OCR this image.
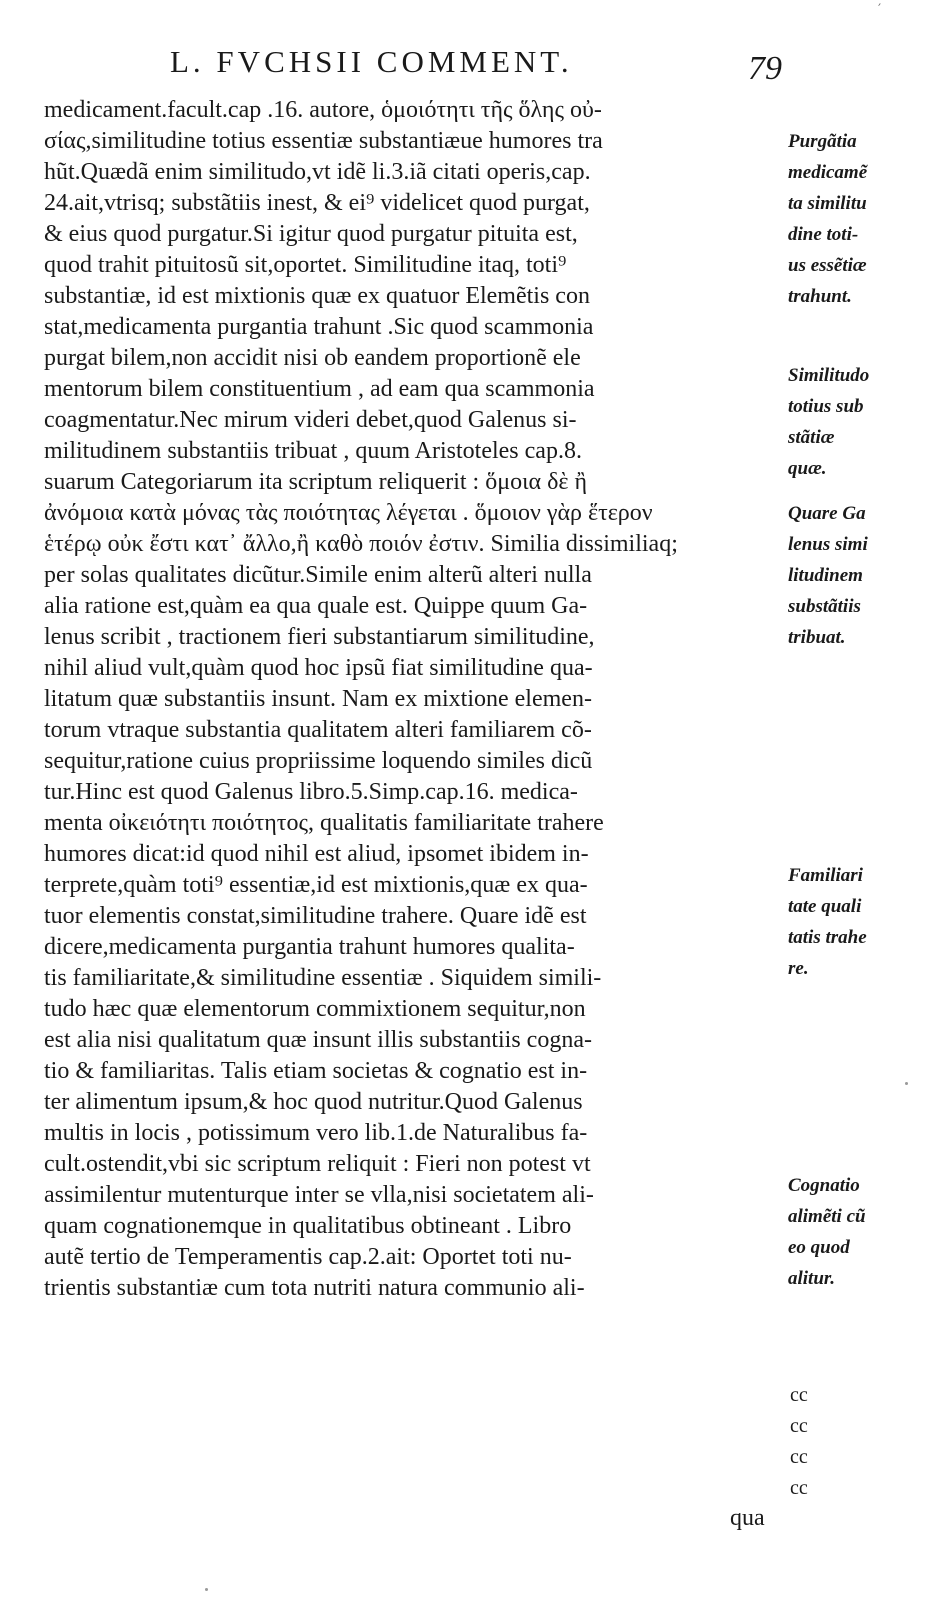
′
L. FVCHSII COMMENT.	79
medicament.facult.cap .16. autore, ὁμοιότητι τῆς ὅλης οὐ-
σίας,similitudine totius essentiæ substantiæue humores tra
hũt.Quædã enim similitudo,vt idẽ li.3.iã citati operis,cap.
24.ait,vtrisq; substãtiis inest, & ei⁹ videlicet quod purgat,
& eius quod purgatur.Si igitur quod purgatur pituita est,
quod trahit pituitosũ sit,oportet. Similitudine itaq, toti⁹
substantiæ, id est mixtionis quæ ex quatuor Elemẽtis con
stat,medicamenta purgantia trahunt .Sic quod scammonia
purgat bilem,non accidit nisi ob eandem proportionẽ ele
mentorum bilem constituentium , ad eam qua scammonia
coagmentatur.Nec mirum videri debet,quod Galenus si-
militudinem substantiis tribuat , quum Aristoteles cap.8.
suarum Categoriarum ita scriptum reliquerit : ὅμοια δὲ ἢ
ἀνόμοια κατὰ μόνας τὰς ποιότητας λέγεται . ὅμοιον γὰρ ἕτερον
ἑτέρῳ οὐκ ἔστι κατ᾽ ἄλλο,ἢ καθὸ ποιόν ἐστιν. Similia dissimiliaq;
per solas qualitates dicũtur.Simile enim alterũ alteri nulla
alia ratione est,quàm ea qua quale est. Quippe quum Ga-
lenus scribit , tractionem fieri substantiarum similitudine,
nihil aliud vult,quàm quod hoc ipsũ fiat similitudine qua-
litatum quæ substantiis insunt. Nam ex mixtione elemen-
torum vtraque substantia qualitatem alteri familiarem cõ-
sequitur,ratione cuius propriissime loquendo similes dicũ
tur.Hinc est quod Galenus libro.5.Simp.cap.16. medica-
menta οἰκειότητι ποιότητος, qualitatis familiaritate trahere
humores dicat:id quod nihil est aliud, ipsomet ibidem in-
terprete,quàm toti⁹ essentiæ,id est mixtionis,quæ ex qua-
tuor elementis constat,similitudine trahere. Quare idẽ est
dicere,medicamenta purgantia trahunt humores qualita-
tis familiaritate,& similitudine essentiæ . Siquidem simili-
tudo hæc quæ elementorum commixtionem sequitur,non
est alia nisi qualitatum quæ insunt illis substantiis cogna-
tio & familiaritas. Talis etiam societas & cognatio est in-
ter alimentum ipsum,& hoc quod nutritur.Quod Galenus
multis in locis , potissimum vero lib.1.de Naturalibus fa-
cult.ostendit,vbi sic scriptum reliquit : Fieri non potest vt
assimilentur mutenturque inter se vlla,nisi societatem ali-
quam cognationemque in qualitatibus obtineant . Libro
autẽ tertio de Temperamentis cap.2.ait: Oportet toti nu-
trientis substantiæ cum tota nutriti natura communio ali-
qua
Purgãtia
medicamẽ
ta similitu
dine toti-
us essẽtiæ
trahunt.
Similitudo
totius sub
stãtiæ
quæ.
Quare Ga
lenus simi
litudinem
substãtiis
tribuat.
Familiari
tate quali
tatis trahe
re.
Cognatio
alimẽti cũ
eo quod
alitur.
cc
cc
cc
cc
